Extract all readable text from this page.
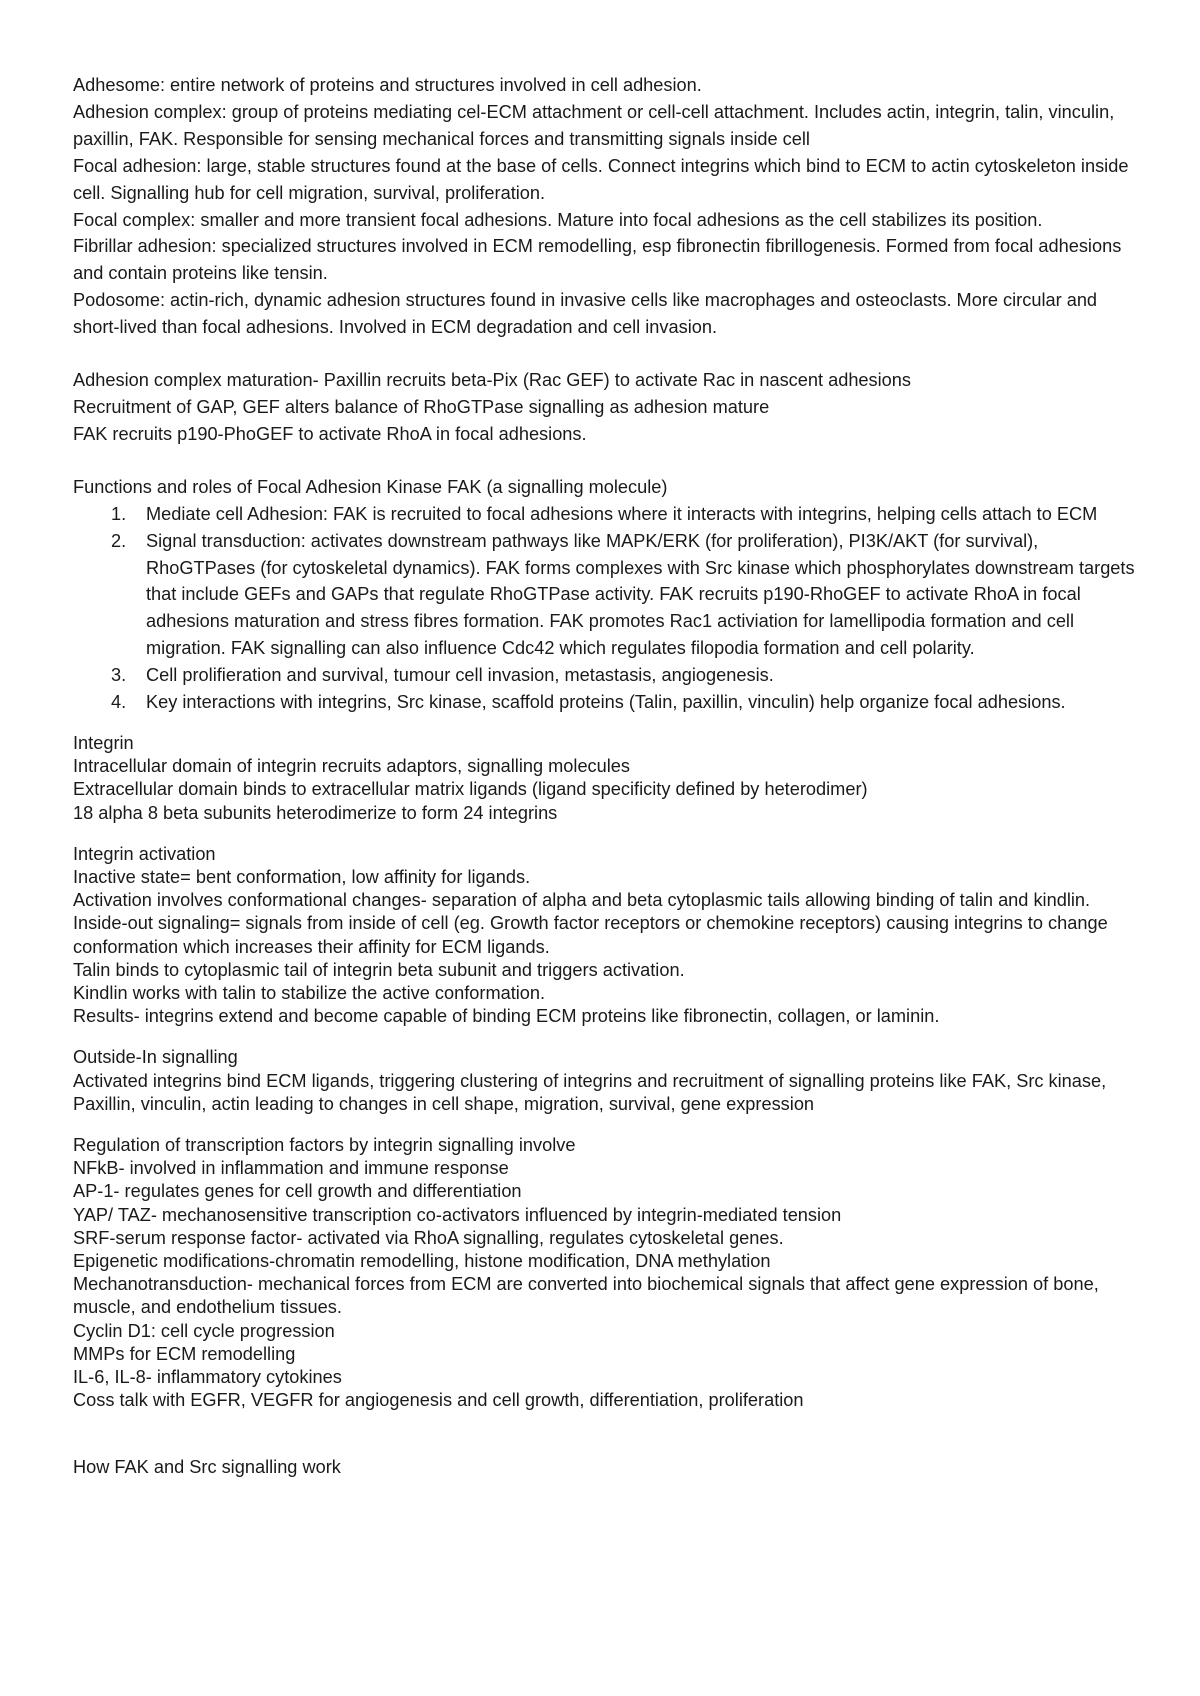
Adhesome: entire network of proteins and structures involved in cell adhesion.

Adhesion complex: group of proteins mediating cel-ECM attachment or cell-cell attachment. Includes actin, integrin, talin, vinculin, paxillin, FAK. Responsible for sensing mechanical forces and transmitting signals inside cell

Focal adhesion: large, stable structures found at the base of cells. Connect integrins which bind to ECM to actin cytoskeleton inside cell. Signalling hub for cell migration, survival, proliferation.

Focal complex: smaller and more transient focal adhesions. Mature into focal adhesions as the cell stabilizes its position.

Fibrillar adhesion: specialized structures involved in ECM remodelling, esp fibronectin fibrillogenesis. Formed from focal adhesions and contain proteins like tensin.

Podosome: actin-rich, dynamic adhesion structures found in invasive cells like macrophages and osteoclasts. More circular and short-lived than focal adhesions. Involved in ECM degradation and cell invasion.

Adhesion complex maturation- Paxillin recruits beta-Pix (Rac GEF) to activate Rac in nascent adhesions

Recruitment of GAP, GEF alters balance of RhoGTPase signalling as adhesion mature

FAK recruits p190-PhoGEF to activate RhoA in focal adhesions.

Functions and roles of Focal Adhesion Kinase FAK (a signalling molecule)

1. Mediate cell Adhesion: FAK is recruited to focal adhesions where it interacts with integrins, helping cells attach to ECM
2. Signal transduction: activates downstream pathways like MAPK/ERK (for proliferation), PI3K/AKT (for survival), RhoGTPases (for cytoskeletal dynamics). FAK forms complexes with Src kinase which phosphorylates downstream targets that include GEFs and GAPs that regulate RhoGTPase activity. FAK recruits p190-RhoGEF to activate RhoA in focal adhesions maturation and stress fibres formation. FAK promotes Rac1 activiation for lamellipodia formation and cell migration. FAK signalling can also influence Cdc42 which regulates filopodia formation and cell polarity.
3. Cell prolifieration and survival, tumour cell invasion, metastasis, angiogenesis.
4. Key interactions with integrins, Src kinase, scaffold proteins (Talin, paxillin, vinculin) help organize focal adhesions.

Integrin

Intracellular domain of integrin recruits adaptors, signalling molecules

Extracellular domain binds to extracellular matrix ligands (ligand specificity defined by heterodimer)

18 alpha 8 beta subunits heterodimerize to form 24 integrins

Integrin activation

Inactive state= bent conformation, low affinity for ligands.

Activation involves conformational changes- separation of alpha and beta cytoplasmic tails allowing binding of talin and kindlin.

Inside-out signaling= signals from inside of cell (eg. Growth factor receptors or chemokine receptors) causing integrins to change conformation which increases their affinity for ECM ligands.

Talin binds to cytoplasmic tail of integrin beta subunit and triggers activation.

Kindlin works with talin to stabilize the active conformation.

Results- integrins extend and become capable of binding ECM proteins like fibronectin, collagen, or laminin.

Outside-In signalling

Activated integrins bind ECM ligands, triggering clustering of integrins and recruitment of signalling proteins like FAK, Src kinase, Paxillin, vinculin, actin leading to changes in cell shape, migration, survival, gene expression

Regulation of transcription factors by integrin signalling involve

NFkB- involved in inflammation and immune response

AP-1- regulates genes for cell growth and differentiation

YAP/ TAZ- mechanosensitive transcription co-activators influenced by integrin-mediated tension

SRF-serum response factor- activated via RhoA signalling, regulates cytoskeletal genes.

Epigenetic modifications-chromatin remodelling, histone modification, DNA methylation

Mechanotransduction- mechanical forces from ECM are converted into biochemical signals that affect gene expression of bone, muscle, and endothelium tissues.

Cyclin D1: cell cycle progression

MMPs for ECM remodelling

IL-6, IL-8- inflammatory cytokines

Coss talk with EGFR, VEGFR for angiogenesis and cell growth, differentiation, proliferation

How FAK and Src signalling work
